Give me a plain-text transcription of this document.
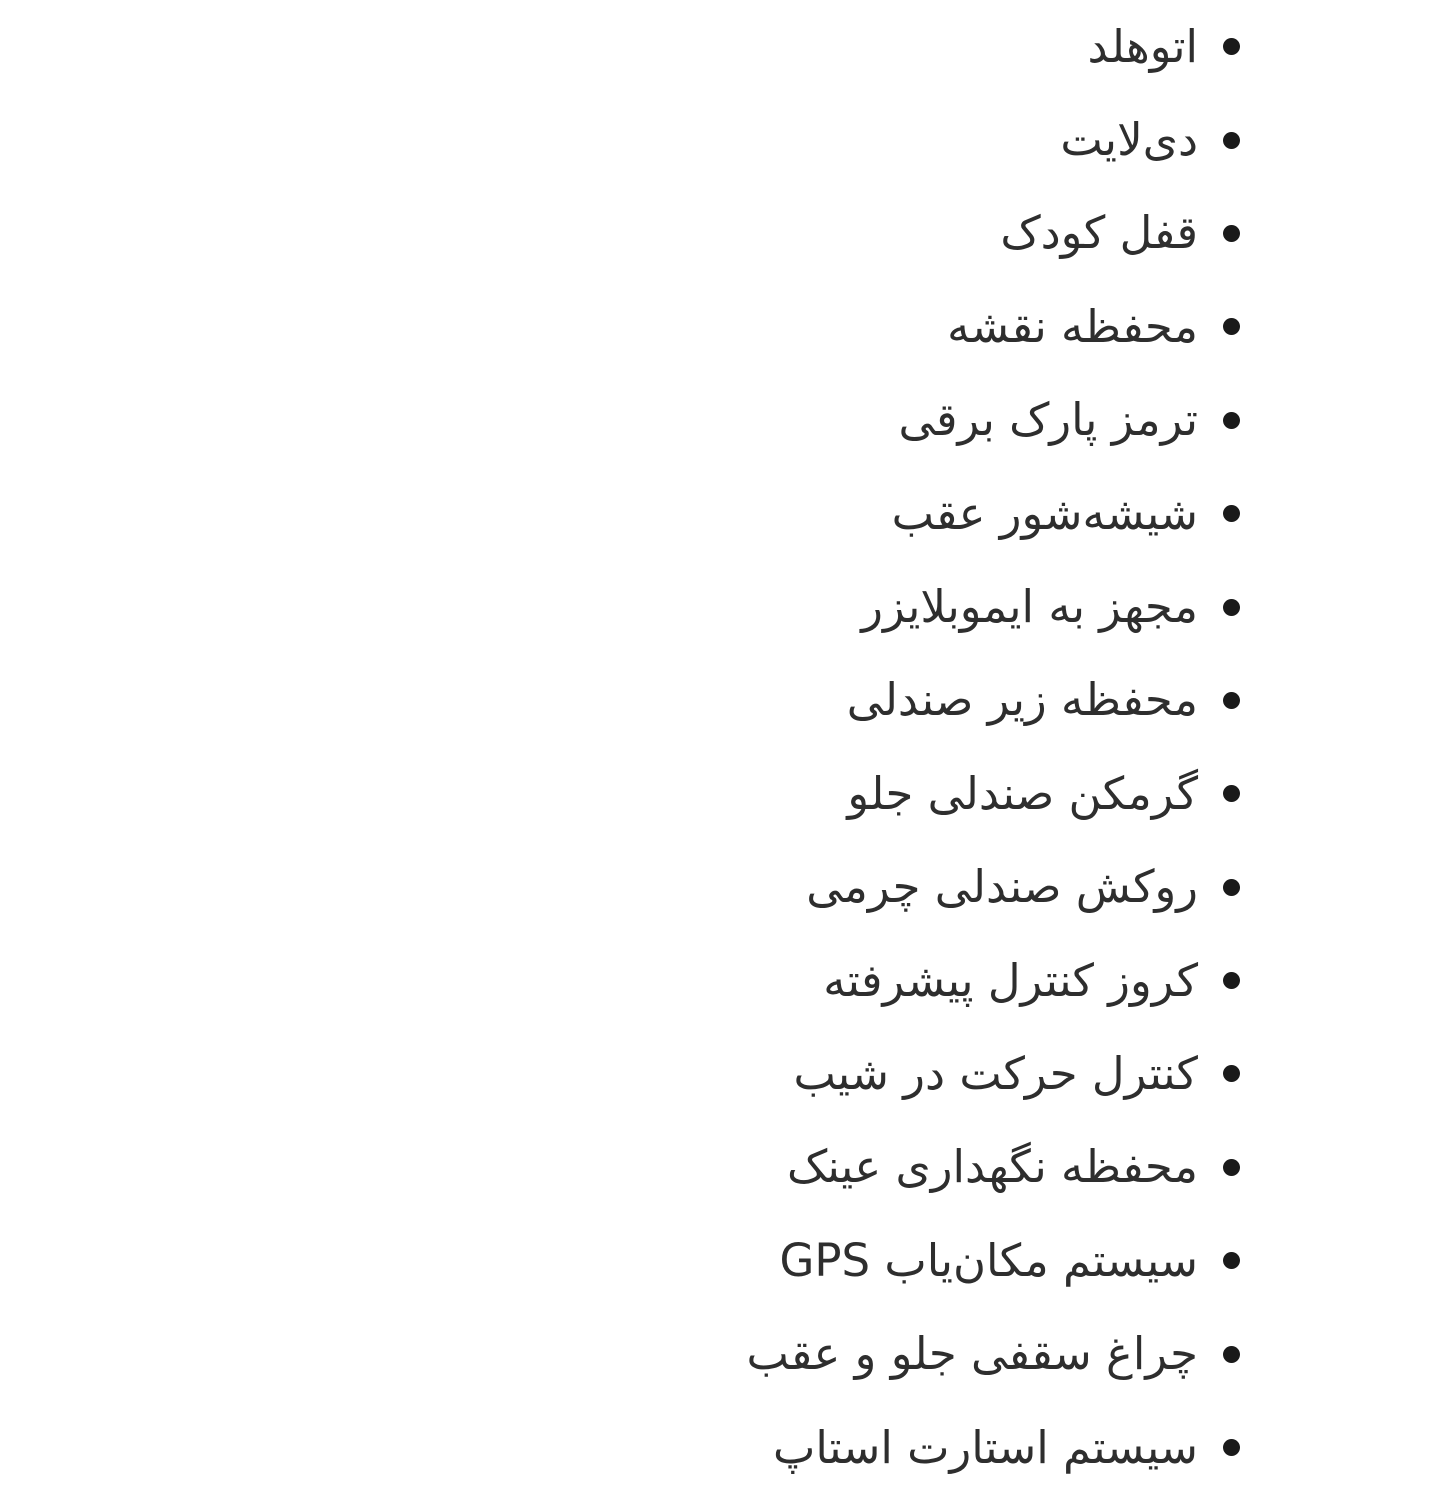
اتوهلد
دی‌لایت
قفل کودک
محفظه نقشه
ترمز پارک برقی
شیشه‌شور عقب
مجهز به ایموبلایزر
محفظه زیر صندلی
گرمکن صندلی جلو
روکش صندلی چرمی
کروز کنترل پیشرفته
کنترل حرکت در شیب
محفظه نگهداری عینک
سیستم مکان‌یاب GPS
چراغ سقفی جلو و عقب
سیستم استارت استاپ
